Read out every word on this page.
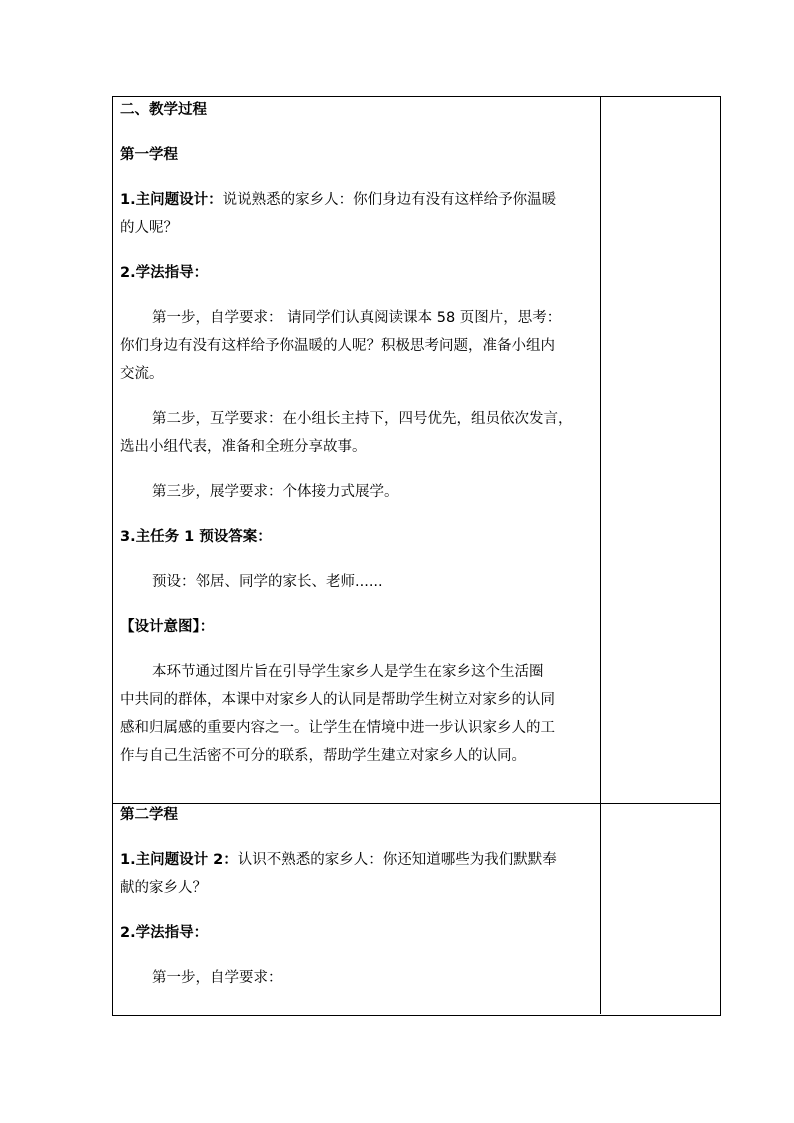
二、教学过程
第一学程
1.主问题设计：说说熟悉的家乡人：你们身边有没有这样给予你温暖
的人呢？
2.学法指导：
第一步，自学要求： 请同学们认真阅读课本 58 页图片，思考：
你们身边有没有这样给予你温暖的人呢？积极思考问题，准备小组内
交流。
第二步，互学要求：在小组长主持下，四号优先，组员依次发言，
选出小组代表，准备和全班分享故事。
第三步，展学要求：个体接力式展学。
3.主任务 1 预设答案：
预设：邻居、同学的家长、老师......
【设计意图】：
本环节通过图片旨在引导学生家乡人是学生在家乡这个生活圈
中共同的群体，本课中对家乡人的认同是帮助学生树立对家乡的认同
感和归属感的重要内容之一。让学生在情境中进一步认识家乡人的工
作与自己生活密不可分的联系，帮助学生建立对家乡人的认同。
第二学程
1.主问题设计 2：认识不熟悉的家乡人：你还知道哪些为我们默默奉
献的家乡人？
2.学法指导：
第一步，自学要求：
